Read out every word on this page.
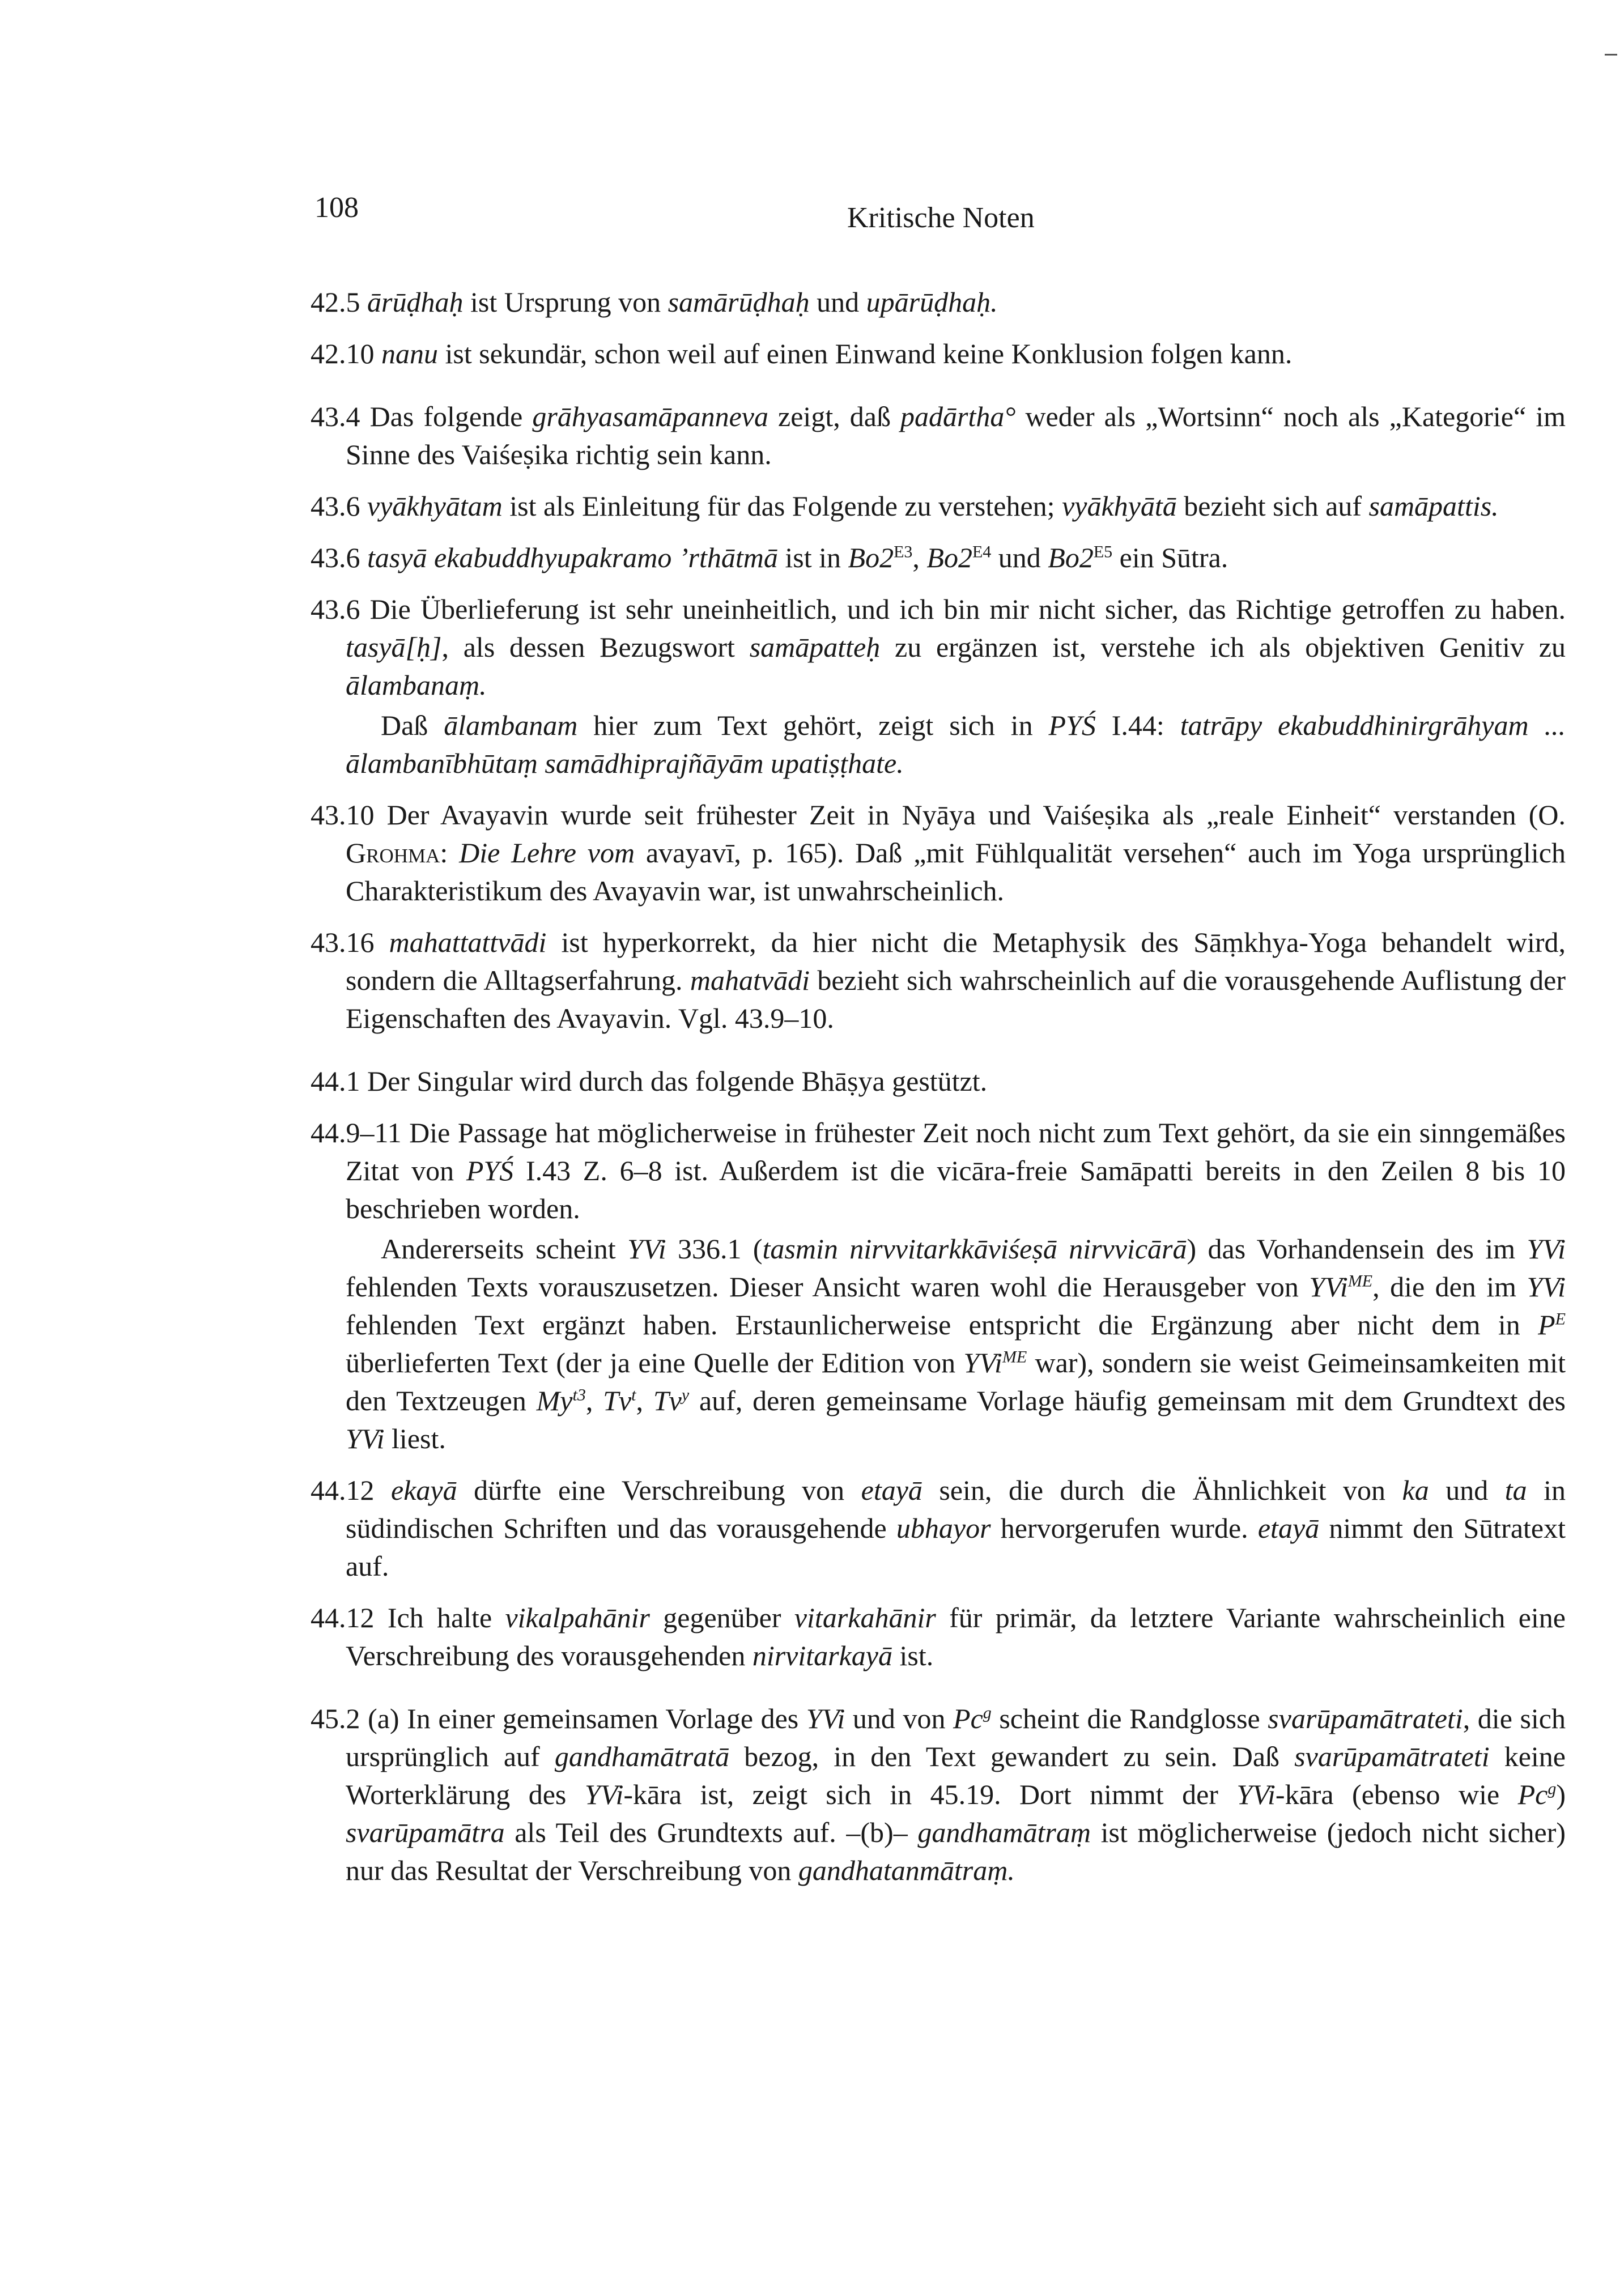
108	Kritische Noten

42.5 ārūḍhaḥ ist Ursprung von samārūḍhaḥ und upārūḍhaḥ.

42.10 nanu ist sekundär, schon weil auf einen Einwand keine Konklusion folgen kann.

43.4 Das folgende grāhyasamāpanneva zeigt, daß padārtha° weder als „Wortsinn“ noch als „Kategorie“ im Sinne des Vaiśeṣika richtig sein kann.

43.6 vyākhyātam ist als Einleitung für das Folgende zu verstehen; vyākhyātā bezieht sich auf samāpattis.

43.6 tasyā ekabuddhyupakramo ’rthātmā ist in $Bo2^{E3}$, $Bo2^{E4}$ und $Bo2^{E5}$ ein Sūtra.

43.6 Die Überlieferung ist sehr uneinheitlich, und ich bin mir nicht sicher, das Richtige getroffen zu haben. tasyā[ḥ], als dessen Bezugswort samāpatteḥ zu ergänzen ist, verstehe ich als objektiven Genitiv zu ālambanaṃ.

Daß ālambanam hier zum Text gehört, zeigt sich in PYŚ I.44: tatrāpy ekabuddhinirgrāhyam ... ālambanībhūtaṃ samādhiprajñāyām upatiṣṭhate.

43.10 Der Avayavin wurde seit frühester Zeit in Nyāya und Vaiśeṣika als „reale Einheit“ verstanden (O. Grohma: Die Lehre vom avayavī, p. 165). Daß „mit Fühlqualität versehen“ auch im Yoga ursprünglich Charakteristikum des Avayavin war, ist unwahrscheinlich.

43.16 mahattattvādi ist hyperkorrekt, da hier nicht die Metaphysik des Sāṃkhya-Yoga behandelt wird, sondern die Alltagserfahrung. mahatvādi bezieht sich wahrscheinlich auf die vorausgehende Auflistung der Eigenschaften des Avayavin. Vgl. 43.9–10.

44.1 Der Singular wird durch das folgende Bhāṣya gestützt.

44.9–11 Die Passage hat möglicherweise in frühester Zeit noch nicht zum Text gehört, da sie ein sinngemäßes Zitat von PYŚ I.43 Z. 6–8 ist. Außerdem ist die vicāra-freie Samāpatti bereits in den Zeilen 8 bis 10 beschrieben worden.

Andererseits scheint YVi 336.1 (tasmin nirvvitarkkāviśeṣā nirvvicārā) das Vorhandensein des im YVi fehlenden Texts vorauszusetzen. Dieser Ansicht waren wohl die Herausgeber von YVi$^{ME}$, die den im YVi fehlenden Text ergänzt haben. Erstaunlicherweise entspricht die Ergänzung aber nicht dem in $P^E$ überlieferten Text (der ja eine Quelle der Edition von YVi$^{ME}$ war), sondern sie weist Geimeinsamkeiten mit den Textzeugen $My^{t3}$, Tv$^t$, Tv$^y$ auf, deren gemeinsame Vorlage häufig gemeinsam mit dem Grundtext des YVi liest.

44.12 ekayā dürfte eine Verschreibung von etayā sein, die durch die Ähnlichkeit von ka und ta in südindischen Schriften und das vorausgehende ubhayor hervorgerufen wurde. etayā nimmt den Sūtratext auf.

44.12 Ich halte vikalpahānir gegenüber vitarkahānir für primär, da letztere Variante wahrscheinlich eine Verschreibung des vorausgehenden nirvitarkayā ist.

45.2 (a) In einer gemeinsamen Vorlage des YVi und von Pc$^g$ scheint die Randglosse svarūpamātrateti, die sich ursprünglich auf gandhamātratā bezog, in den Text gewandert zu sein. Daß svarūpamātrateti keine Worterklärung des YVi-kāra ist, zeigt sich in 45.19. Dort nimmt der YVi-kāra (ebenso wie Pc$^g$) svarūpamātra als Teil des Grundtexts auf. –(b)– gandhamātraṃ ist möglicherweise (jedoch nicht sicher) nur das Resultat der Verschreibung von gandhatanmātraṃ.
